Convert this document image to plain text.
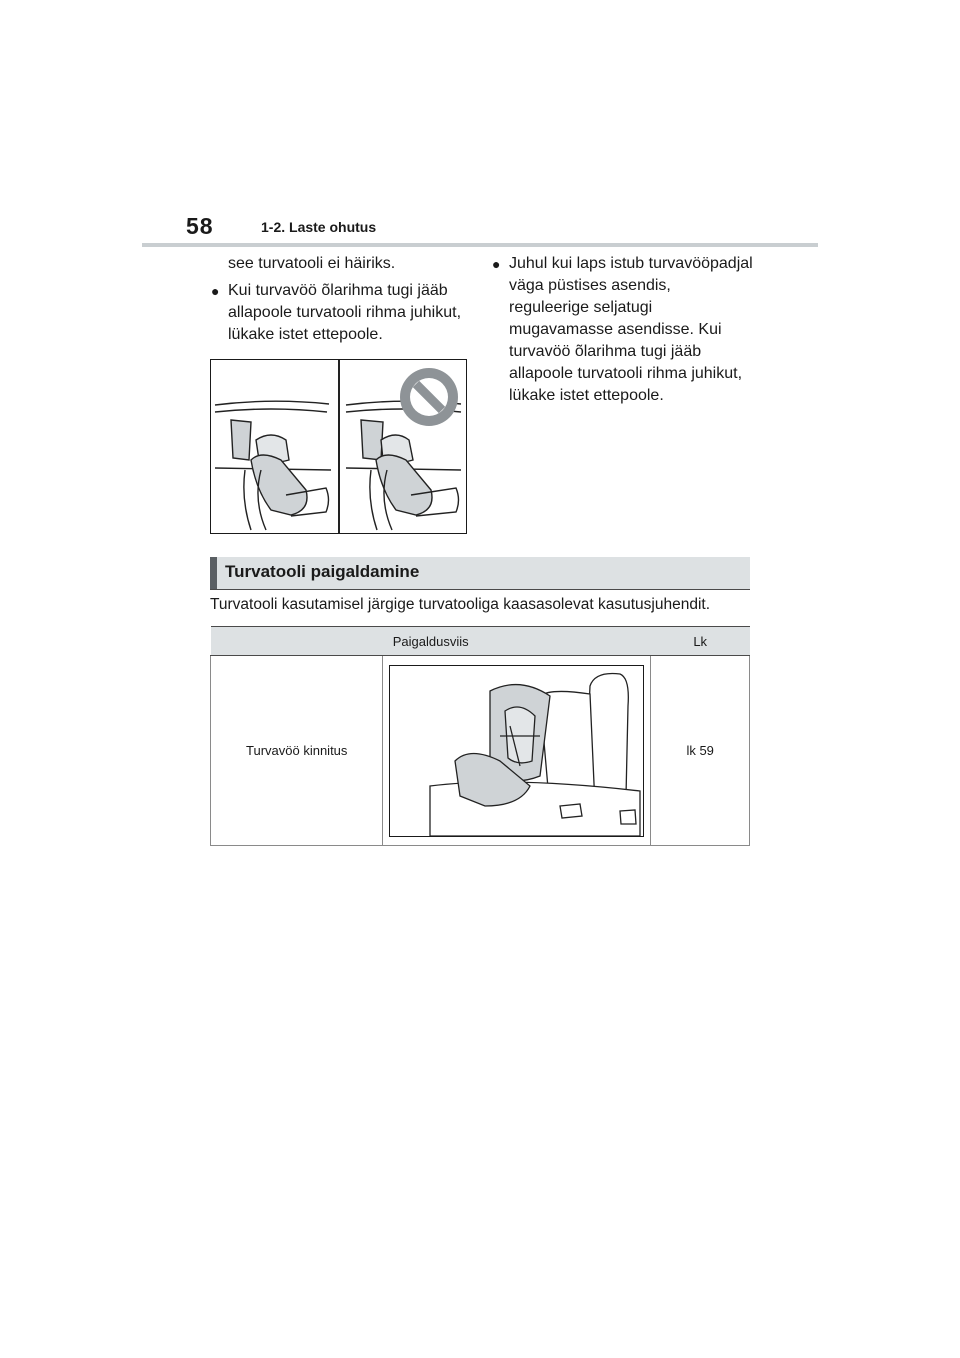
58	1-2. Laste ohutus
see turvatooli ei häiriks.
● Kui turvavöö õlarihma tugi jääb allapoole turvatooli rihma juhikut, lükake istet ettepoole.
● Juhul kui laps istub turvavööpadjal väga püstises asendis, reguleerige seljatugi mugavamasse asendisse. Kui turvavöö õlarihma tugi jääb allapoole turvatooli rihma juhikut, lükake istet ettepoole.
Turvatooli paigaldamine
Turvatooli kasutamisel järgige turvatooliga kaasasolevat kasutusjuhendit.
Paigaldusviis		Lk
Turvavöö kinnitus		lk 59
